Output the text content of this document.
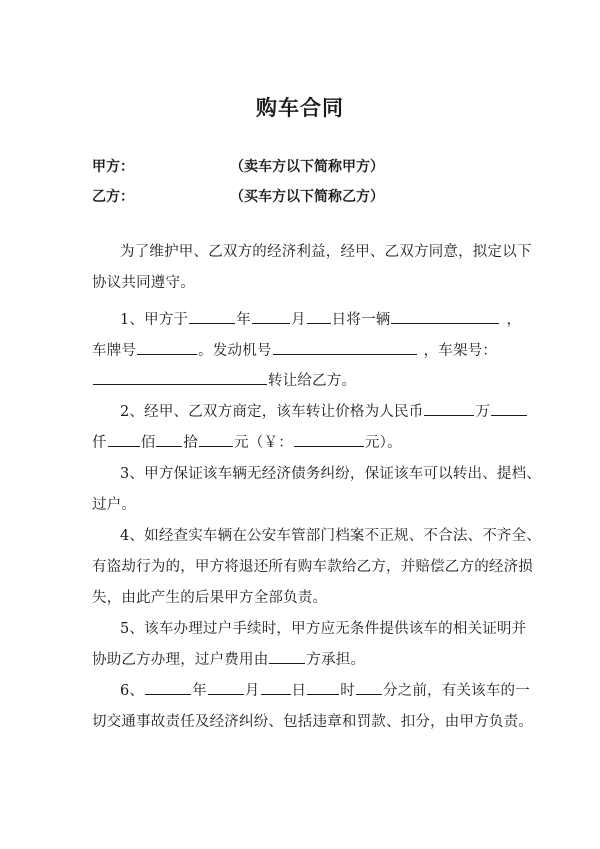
购车合同
甲方：	（卖车方以下简称甲方）
乙方：	（买车方以下简称乙方）
为了维护甲、乙双方的经济利益，经甲、乙双方同意，拟定以下
协议共同遵守。
1、甲方于	年	月 日将一辆	，
车牌号	。发动机号	，车架号：
转让给乙方。
2、经甲、乙双方商定，该车转让价格为人民币	万
仟 佰 拾 元（￥：	元）。
3、甲方保证该车辆无经济债务纠纷，保证该车可以转出、提档、
过户。
4、如经查实车辆在公安车管部门档案不正规、不合法、不齐全、
有盗劫行为的，甲方将退还所有购车款给乙方，并赔偿乙方的经济损
失，由此产生的后果甲方全部负责。
5、该车办理过户手续时，甲方应无条件提供该车的相关证明并
协助乙方办理，过户费用由	方承担。
6、	年	月 日 时 分之前，有关该车的一
切交通事故责任及经济纠纷、包括违章和罚款、扣分，由甲方负责。
